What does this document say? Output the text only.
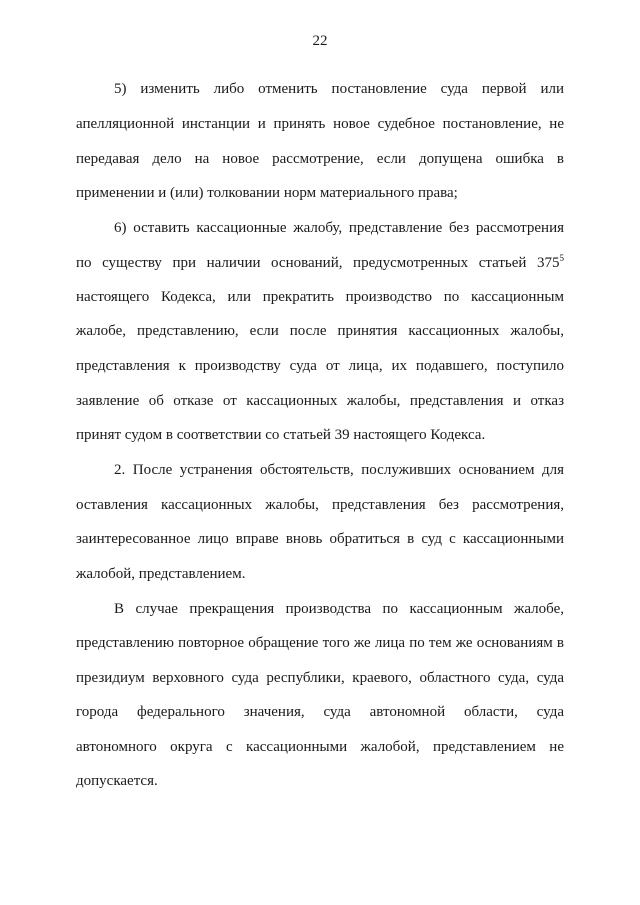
22
5) изменить либо отменить постановление суда первой или
апелляционной инстанции и принять новое судебное постановление, не
передавая дело на новое рассмотрение, если допущена ошибка в
применении и (или) толковании норм материального права;
6) оставить кассационные жалобу, представление без рассмотрения
по существу при наличии оснований, предусмотренных статьей $375^5$
настоящего Кодекса, или прекратить производство по кассационным
жалобе, представлению, если после принятия кассационных жалобы,
представления к производству суда от лица, их подавшего, поступило
заявление об отказе от кассационных жалобы, представления и отказ
принят судом в соответствии со статьей 39 настоящего Кодекса.
2. После устранения обстоятельств, послуживших основанием для
оставления кассационных жалобы, представления без рассмотрения,
заинтересованное лицо вправе вновь обратиться в суд с кассационными
жалобой, представлением.
В случае прекращения производства по кассационным жалобе,
представлению повторное обращение того же лица по тем же основаниям в
президиум верховного суда республики, краевого, областного суда, суда
города федерального значения, суда автономной области, суда
автономного округа с кассационными жалобой, представлением не
допускается.
